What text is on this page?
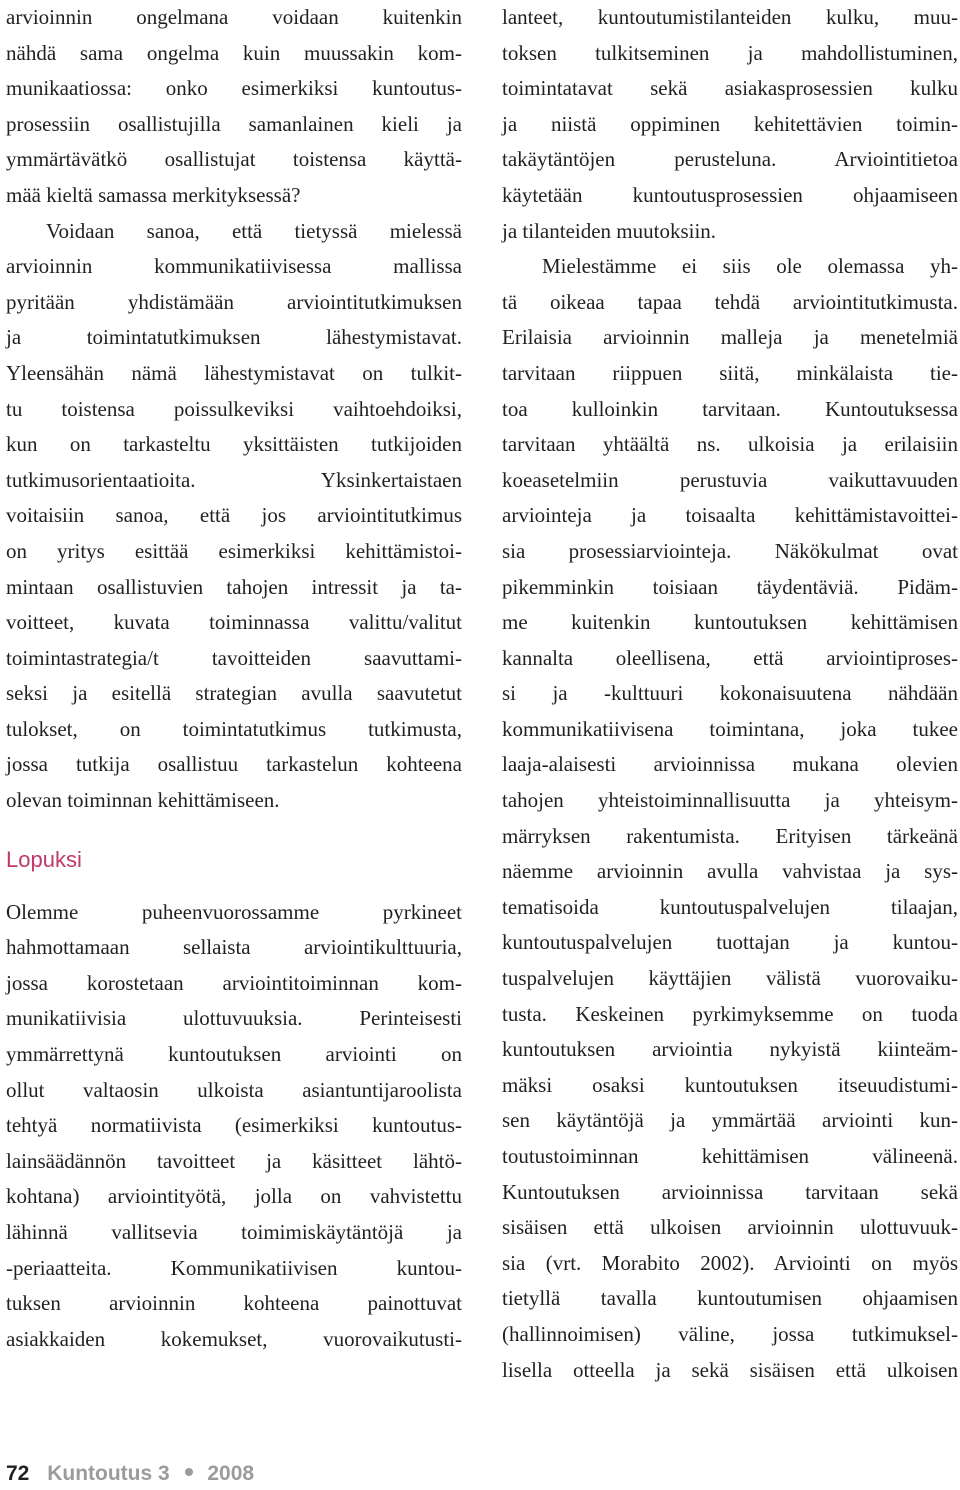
arvioinnin ongelmana voidaan kuitenkin
nähdä sama ongelma kuin muussakin kom-
munikaatiossa: onko esimerkiksi kuntoutus-
prosessiin osallistujilla samanlainen kieli ja
ymmärtävätkö osallistujat toistensa käyttä-
mää kieltä samassa merkityksessä?
Voidaan sanoa, että tietyssä mielessä
arvioinnin kommunikatiivisessa mallissa
pyritään yhdistämään arviointitutkimuksen
ja toimintatutkimuksen lähestymistavat.
Yleensähän nämä lähestymistavat on tulkit-
tu toistensa poissulkeviksi vaihtoehdoiksi,
kun on tarkasteltu yksittäisten tutkijoiden
tutkimusorientaatioita. Yksinkertaistaen
voitaisiin sanoa, että jos arviointitutkimus
on yritys esittää esimerkiksi kehittämistoi-
mintaan osallistuvien tahojen intressit ja ta-
voitteet, kuvata toiminnassa valittu/valitut
toimintastrategia/t tavoitteiden saavuttami-
seksi ja esitellä strategian avulla saavutetut
tulokset, on toimintatutkimus tutkimusta,
jossa tutkija osallistuu tarkastelun kohteena
olevan toiminnan kehittämiseen.
Lopuksi
Olemme puheenvuorossamme pyrkineet
hahmottamaan sellaista arviointikulttuuria,
jossa korostetaan arviointitoiminnan kom-
munikatiivisia ulottuvuuksia. Perinteisesti
ymmärrettynä kuntoutuksen arviointi on
ollut valtaosin ulkoista asiantuntijaroolista
tehtyä normatiivista (esimerkiksi kuntoutus-
lainsäädännön tavoitteet ja käsitteet lähtö-
kohtana) arviointityötä, jolla on vahvistettu
lähinnä vallitsevia toimimiskäytäntöjä ja
-periaatteita. Kommunikatiivisen kuntou-
tuksen arvioinnin kohteena painottuvat
asiakkaiden kokemukset, vuorovaikutusti-
lanteet, kuntoutumistilanteiden kulku, muu-
toksen tulkitseminen ja mahdollistuminen,
toimintatavat sekä asiakasprosessien kulku
ja niistä oppiminen kehitettävien toimin-
takäytäntöjen perusteluna. Arviointitietoa
käytetään kuntoutusprosessien ohjaamiseen
ja tilanteiden muutoksiin.
Mielestämme ei siis ole olemassa yh-
tä oikeaa tapaa tehdä arviointitutkimusta.
Erilaisia arvioinnin malleja ja menetelmiä
tarvitaan riippuen siitä, minkälaista tie-
toa kulloinkin tarvitaan. Kuntoutuksessa
tarvitaan yhtäältä ns. ulkoisia ja erilaisiin
koeasetelmiin perustuvia vaikuttavuuden
arviointeja ja toisaalta kehittämistavoittei-
sia prosessiarviointeja. Näkökulmat ovat
pikemminkin toisiaan täydentäviä. Pidäm-
me kuitenkin kuntoutuksen kehittämisen
kannalta oleellisena, että arviointiproses-
si ja -kulttuuri kokonaisuutena nähdään
kommunikatiivisena toimintana, joka tukee
laaja-alaisesti arvioinnissa mukana olevien
tahojen yhteistoiminnallisuutta ja yhteisym-
märryksen rakentumista. Erityisen tärkeänä
näemme arvioinnin avulla vahvistaa ja sys-
tematisoida kuntoutuspalvelujen tilaajan,
kuntoutuspalvelujen tuottajan ja kuntou-
tuspalvelujen käyttäjien välistä vuorovaiku-
tusta. Keskeinen pyrkimyksemme on tuoda
kuntoutuksen arviointia nykyistä kiinteäm-
mäksi osaksi kuntoutuksen itseuudistumi-
sen käytäntöjä ja ymmärtää arviointi kun-
toutustoiminnan kehittämisen välineenä.
Kuntoutuksen arvioinnissa tarvitaan sekä
sisäisen että ulkoisen arvioinnin ulottuvuuk-
sia (vrt. Morabito 2002). Arviointi on myös
tietyllä tavalla kuntoutumisen ohjaamisen
(hallinnoimisen) väline, jossa tutkimuksel-
lisella otteella ja sekä sisäisen että ulkoisen
72 Kuntoutus 3 2008
